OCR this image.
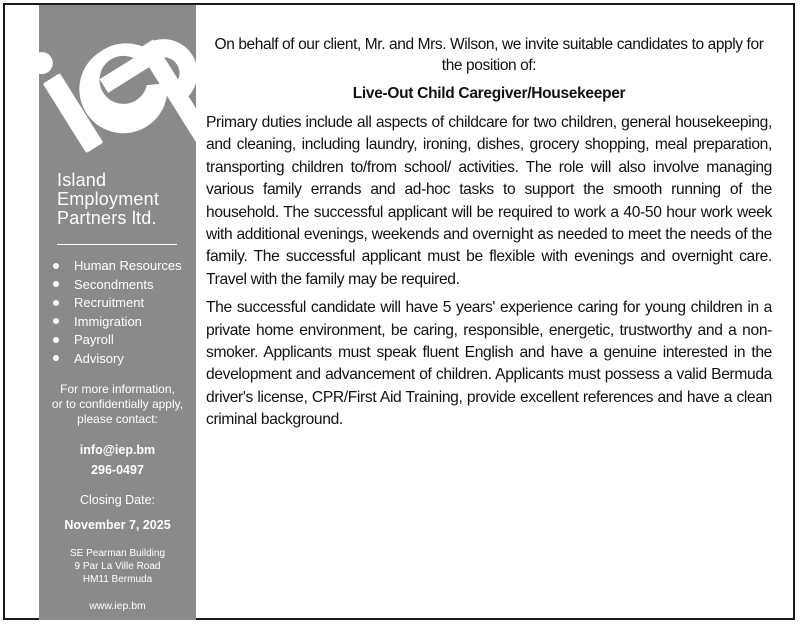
Island
Employment
Partners ltd.
Human Resources
Secondments
Recruitment
Immigration
Payroll
Advisory
For more information,
or to confidentially apply,
please contact:
info@iep.bm
296-0497
Closing Date:
November 7, 2025
SE Pearman Building
9 Par La Ville Road
HM11 Bermuda
www.iep.bm
On behalf of our client, Mr. and Mrs. Wilson, we invite suitable candidates to apply for the position of:
Live-Out Child Caregiver/Housekeeper

Primary duties include all aspects of childcare for two children, general housekeeping, and cleaning, including laundry, ironing, dishes, grocery shopping, meal preparation, transporting children to/from school/ activities. The role will also involve managing various family errands and ad-hoc tasks to support the smooth running of the household. The successful applicant will be required to work a 40-50 hour work week with additional evenings, weekends and overnight as needed to meet the needs of the family. The successful applicant must be flexible with evenings and overnight care. Travel with the family may be required.

The successful candidate will have 5 years' experience caring for young children in a private home environment, be caring, responsible, energetic, trustworthy and a non-smoker. Applicants must speak fluent English and have a genuine interested in the development and advancement of children. Applicants must possess a valid Bermuda driver's license, CPR/First Aid Training, provide excellent references and have a clean criminal background.
